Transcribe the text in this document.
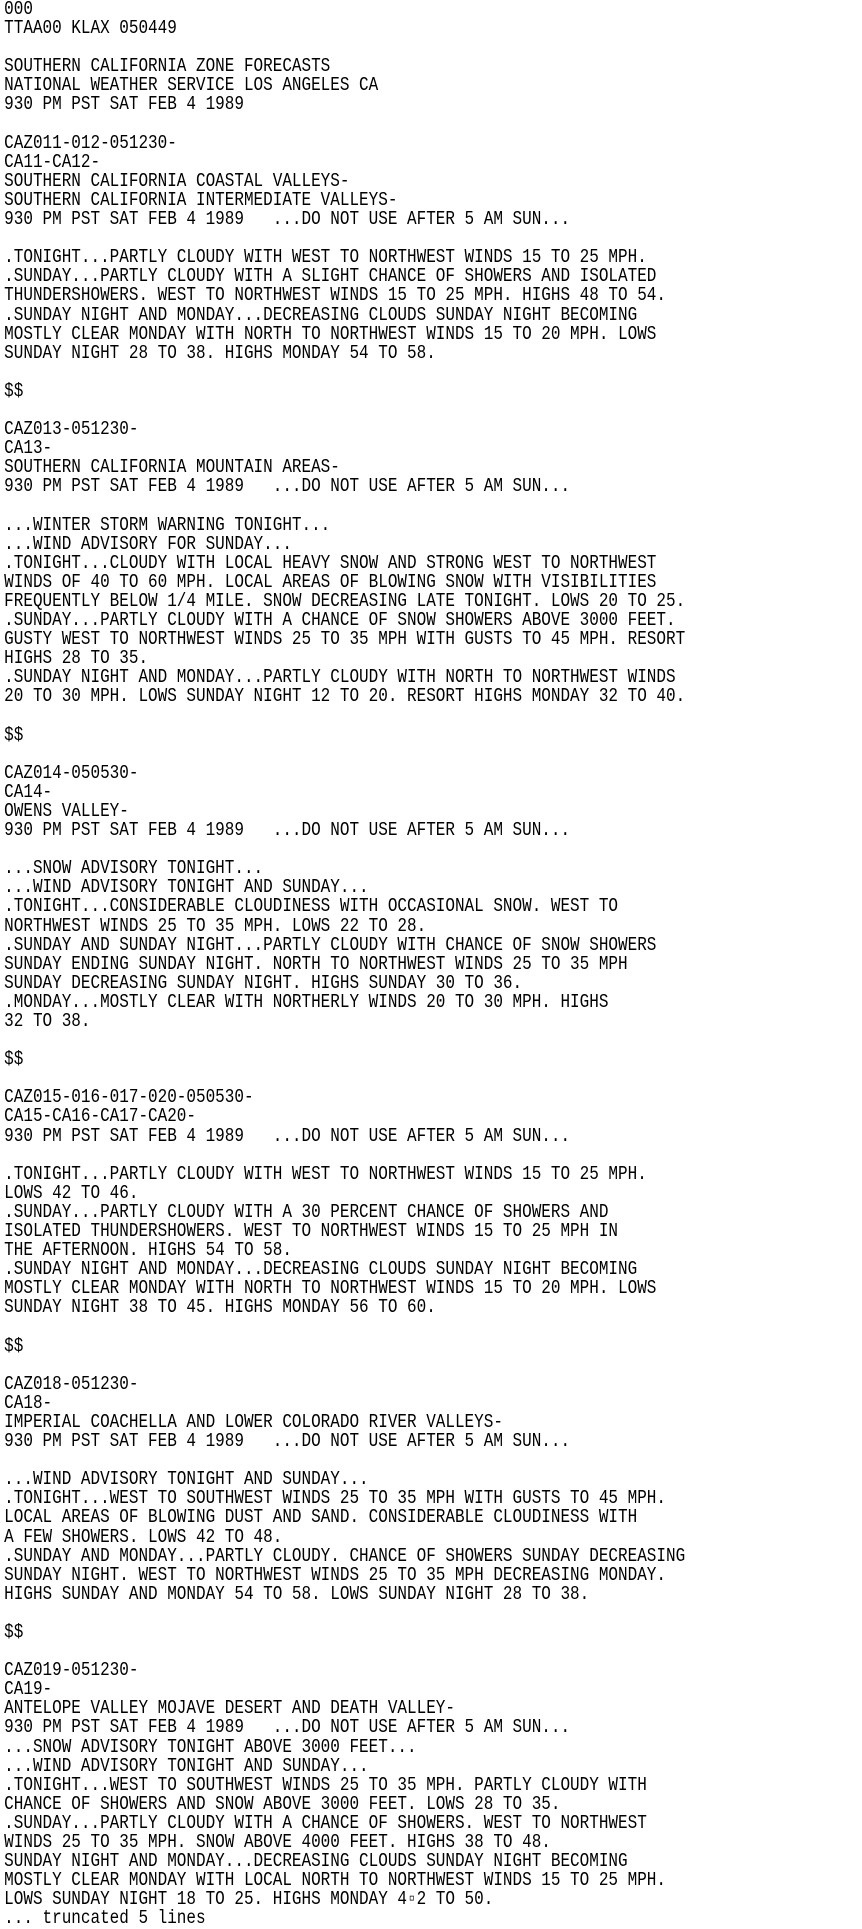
000
TTAA00 KLAX 050449
SOUTHERN CALIFORNIA ZONE FORECASTS
NATIONAL WEATHER SERVICE LOS ANGELES CA
930 PM PST SAT FEB 4 1989
CAZ011-012-051230-
CA11-CA12-
SOUTHERN CALIFORNIA COASTAL VALLEYS-
SOUTHERN CALIFORNIA INTERMEDIATE VALLEYS-
930 PM PST SAT FEB 4 1989   ...DO NOT USE AFTER 5 AM SUN...
.TONIGHT...PARTLY CLOUDY WITH WEST TO NORTHWEST WINDS 15 TO 25 MPH.
.SUNDAY...PARTLY CLOUDY WITH A SLIGHT CHANCE OF SHOWERS AND ISOLATED
THUNDERSHOWERS. WEST TO NORTHWEST WINDS 15 TO 25 MPH. HIGHS 48 TO 54.
.SUNDAY NIGHT AND MONDAY...DECREASING CLOUDS SUNDAY NIGHT BECOMING
MOSTLY CLEAR MONDAY WITH NORTH TO NORTHWEST WINDS 15 TO 20 MPH. LOWS
SUNDAY NIGHT 28 TO 38. HIGHS MONDAY 54 TO 58.
$$
CAZ013-051230-
CA13-
SOUTHERN CALIFORNIA MOUNTAIN AREAS-
930 PM PST SAT FEB 4 1989   ...DO NOT USE AFTER 5 AM SUN...
...WINTER STORM WARNING TONIGHT...
...WIND ADVISORY FOR SUNDAY...
.TONIGHT...CLOUDY WITH LOCAL HEAVY SNOW AND STRONG WEST TO NORTHWEST
WINDS OF 40 TO 60 MPH. LOCAL AREAS OF BLOWING SNOW WITH VISIBILITIES
FREQUENTLY BELOW 1/4 MILE. SNOW DECREASING LATE TONIGHT. LOWS 20 TO 25.
.SUNDAY...PARTLY CLOUDY WITH A CHANCE OF SNOW SHOWERS ABOVE 3000 FEET.
GUSTY WEST TO NORTHWEST WINDS 25 TO 35 MPH WITH GUSTS TO 45 MPH. RESORT
HIGHS 28 TO 35.
.SUNDAY NIGHT AND MONDAY...PARTLY CLOUDY WITH NORTH TO NORTHWEST WINDS
20 TO 30 MPH. LOWS SUNDAY NIGHT 12 TO 20. RESORT HIGHS MONDAY 32 TO 40.
$$
CAZ014-050530-
CA14-
OWENS VALLEY-
930 PM PST SAT FEB 4 1989   ...DO NOT USE AFTER 5 AM SUN...
...SNOW ADVISORY TONIGHT...
...WIND ADVISORY TONIGHT AND SUNDAY...
.TONIGHT...CONSIDERABLE CLOUDINESS WITH OCCASIONAL SNOW. WEST TO
NORTHWEST WINDS 25 TO 35 MPH. LOWS 22 TO 28.
.SUNDAY AND SUNDAY NIGHT...PARTLY CLOUDY WITH CHANCE OF SNOW SHOWERS
SUNDAY ENDING SUNDAY NIGHT. NORTH TO NORTHWEST WINDS 25 TO 35 MPH
SUNDAY DECREASING SUNDAY NIGHT. HIGHS SUNDAY 30 TO 36.
.MONDAY...MOSTLY CLEAR WITH NORTHERLY WINDS 20 TO 30 MPH. HIGHS
32 TO 38.
$$
CAZ015-016-017-020-050530-
CA15-CA16-CA17-CA20-
930 PM PST SAT FEB 4 1989   ...DO NOT USE AFTER 5 AM SUN...
.TONIGHT...PARTLY CLOUDY WITH WEST TO NORTHWEST WINDS 15 TO 25 MPH.
LOWS 42 TO 46.
.SUNDAY...PARTLY CLOUDY WITH A 30 PERCENT CHANCE OF SHOWERS AND
ISOLATED THUNDERSHOWERS. WEST TO NORTHWEST WINDS 15 TO 25 MPH IN
THE AFTERNOON. HIGHS 54 TO 58.
.SUNDAY NIGHT AND MONDAY...DECREASING CLOUDS SUNDAY NIGHT BECOMING
MOSTLY CLEAR MONDAY WITH NORTH TO NORTHWEST WINDS 15 TO 20 MPH. LOWS
SUNDAY NIGHT 38 TO 45. HIGHS MONDAY 56 TO 60.
$$
CAZ018-051230-
CA18-
IMPERIAL COACHELLA AND LOWER COLORADO RIVER VALLEYS-
930 PM PST SAT FEB 4 1989   ...DO NOT USE AFTER 5 AM SUN...
...WIND ADVISORY TONIGHT AND SUNDAY...
.TONIGHT...WEST TO SOUTHWEST WINDS 25 TO 35 MPH WITH GUSTS TO 45 MPH.
LOCAL AREAS OF BLOWING DUST AND SAND. CONSIDERABLE CLOUDINESS WITH
A FEW SHOWERS. LOWS 42 TO 48.
.SUNDAY AND MONDAY...PARTLY CLOUDY. CHANCE OF SHOWERS SUNDAY DECREASING
SUNDAY NIGHT. WEST TO NORTHWEST WINDS 25 TO 35 MPH DECREASING MONDAY.
HIGHS SUNDAY AND MONDAY 54 TO 58. LOWS SUNDAY NIGHT 28 TO 38.
$$
CAZ019-051230-
CA19-
ANTELOPE VALLEY MOJAVE DESERT AND DEATH VALLEY-
930 PM PST SAT FEB 4 1989   ...DO NOT USE AFTER 5 AM SUN...
...SNOW ADVISORY TONIGHT ABOVE 3000 FEET...
...WIND ADVISORY TONIGHT AND SUNDAY...
.TONIGHT...WEST TO SOUTHWEST WINDS 25 TO 35 MPH. PARTLY CLOUDY WITH
CHANCE OF SHOWERS AND SNOW ABOVE 3000 FEET. LOWS 28 TO 35.
.SUNDAY...PARTLY CLOUDY WITH A CHANCE OF SHOWERS. WEST TO NORTHWEST
WINDS 25 TO 35 MPH. SNOW ABOVE 4000 FEET. HIGHS 38 TO 48.
SUNDAY NIGHT AND MONDAY...DECREASING CLOUDS SUNDAY NIGHT BECOMING
MOSTLY CLEAR MONDAY WITH LOCAL NORTH TO NORTHWEST WINDS 15 TO 25 MPH.
LOWS SUNDAY NIGHT 18 TO 25. HIGHS MONDAY 4▫2 TO 50.
... truncated 5 lines
